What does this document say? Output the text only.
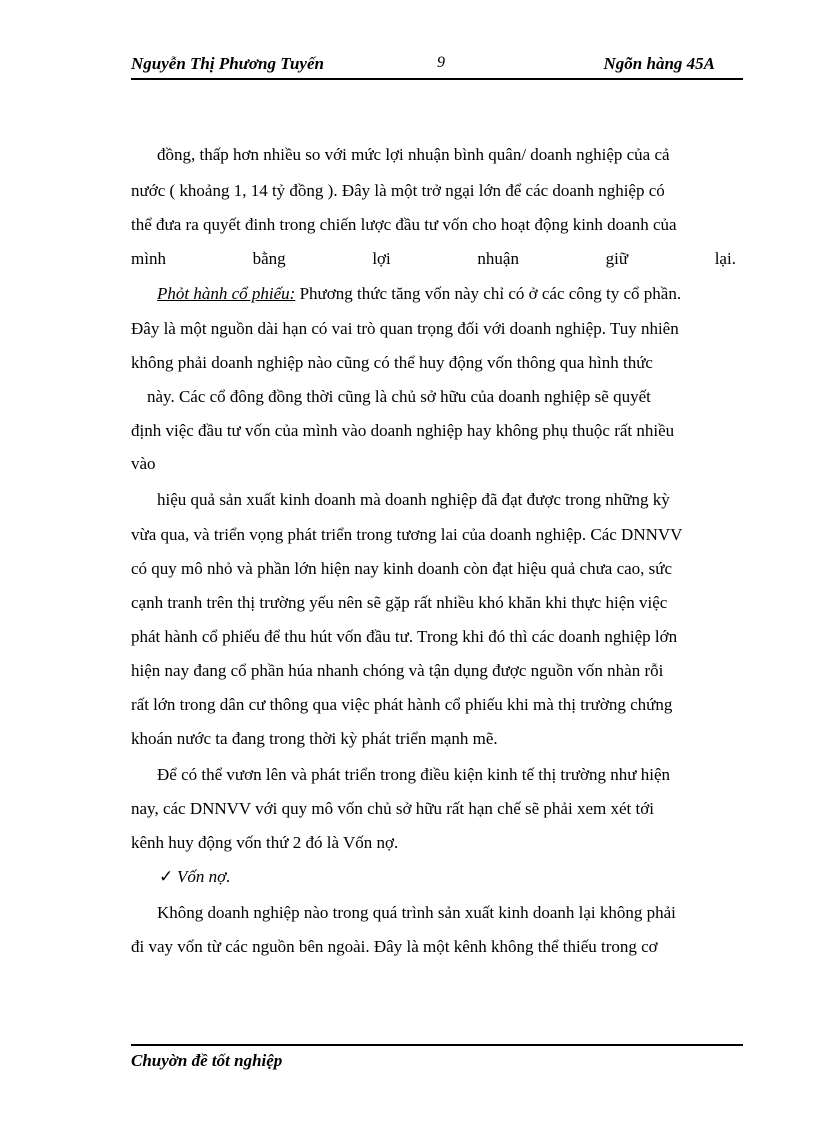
Nguyễn Thị Phương Tuyến	9	Ngõn hàng 45A
đồng, thấp hơn nhiều so với mức lợi nhuận bình quân/ doanh nghiệp của cả
nước ( khoảng 1, 14 tỷ đồng ). Đây là một trở ngại lớn để các doanh nghiệp có
thể đưa ra quyết đinh trong chiến lược đầu tư vốn cho hoạt động kinh doanh của
mình	bằng	lợi	nhuận	giữ	lại.
Phỏt hành cổ phiếu: Phương thức tăng vốn này chỉ có ở các công ty cổ phần.
Đây là một nguồn dài hạn có vai trò quan trọng đối với doanh nghiệp. Tuy nhiên
không phải doanh nghiệp nào cũng có thể huy động vốn thông qua hình thức
này. Các cổ đông đồng thời cũng là chủ sở hữu của doanh nghiệp sẽ quyết
định việc đầu tư vốn của mình vào doanh nghiệp hay không phụ thuộc rất nhiều
vào
hiệu quả sản xuất kinh doanh mà doanh nghiệp đã đạt được trong những kỳ
vừa qua, và triển vọng phát triển trong tương lai của doanh nghiệp. Các DNNVV
có quy mô nhỏ và phần lớn hiện nay kinh doanh còn đạt hiệu quả chưa cao, sức
cạnh tranh trên thị trường yếu nên sẽ gặp rất nhiều khó khăn khi thực hiện việc
phát hành cổ phiếu để thu hút vốn đầu tư. Trong khi đó thì các doanh nghiệp lớn
hiện nay đang cổ phần húa nhanh chóng và tận dụng được nguồn vốn nhàn rỗi
rất lớn trong dân cư thông qua việc phát hành cổ phiếu khi mà thị trường chứng
khoán nước ta đang trong thời kỳ phát triển mạnh mẽ.
Để có thể vươn lên và phát triển trong điều kiện kinh tế thị trường như hiện
nay, các DNNVV với quy mô vốn chủ sở hữu rất hạn chế sẽ phải xem xét tới
kênh huy động vốn thứ 2 đó là Vốn nợ.
✓ Vốn nợ.
Không doanh nghiệp nào trong quá trình sản xuất kinh doanh lại không phải
đi vay vốn từ các nguồn bên ngoài. Đây là một kênh không thể thiếu trong cơ
Chuyờn đề tốt nghiệp
